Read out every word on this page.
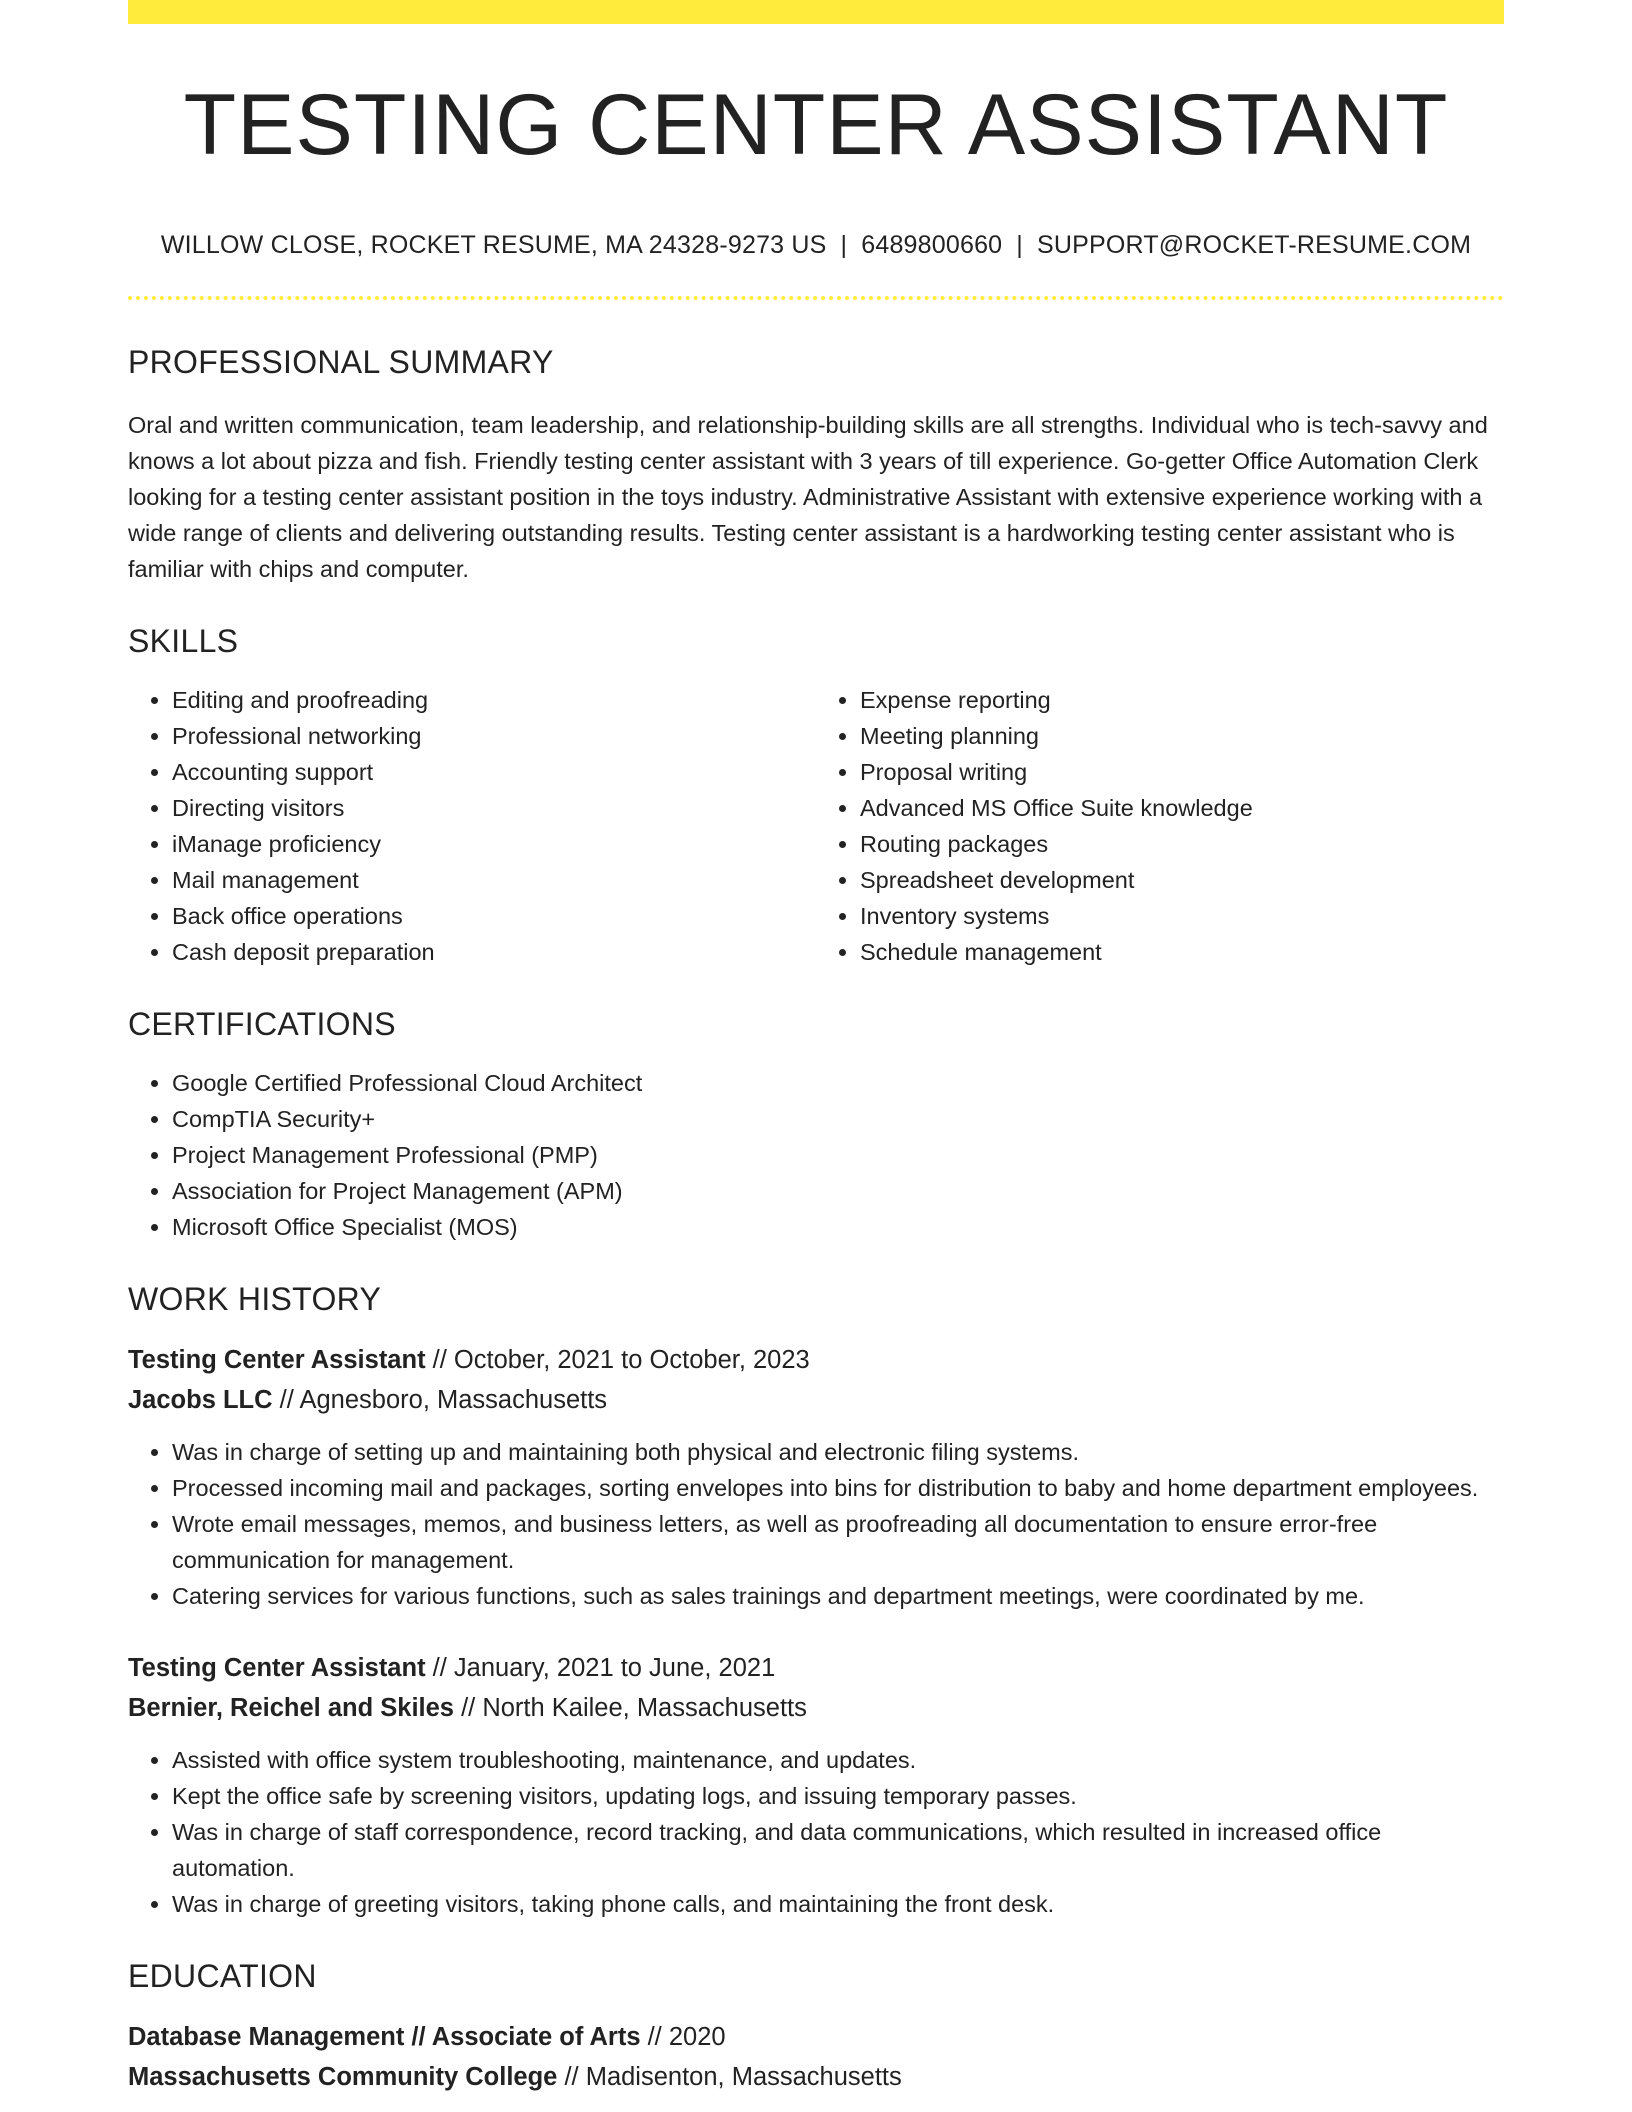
TESTING CENTER ASSISTANT
WILLOW CLOSE, ROCKET RESUME, MA 24328-9273 US | 6489800660 | SUPPORT@ROCKET-RESUME.COM
PROFESSIONAL SUMMARY

Oral and written communication, team leadership, and relationship-building skills are all strengths. Individual who is tech-savvy and knows a lot about pizza and fish. Friendly testing center assistant with 3 years of till experience. Go-getter Office Automation Clerk looking for a testing center assistant position in the toys industry. Administrative Assistant with extensive experience working with a wide range of clients and delivering outstanding results. Testing center assistant is a hardworking testing center assistant who is familiar with chips and computer.

SKILLS
• Editing and proofreading
• Professional networking
• Accounting support
• Directing visitors
• iManage proficiency
• Mail management
• Back office operations
• Cash deposit preparation
• Expense reporting
• Meeting planning
• Proposal writing
• Advanced MS Office Suite knowledge
• Routing packages
• Spreadsheet development
• Inventory systems
• Schedule management
CERTIFICATIONS
• Google Certified Professional Cloud Architect
• CompTIA Security+
• Project Management Professional (PMP)
• Association for Project Management (APM)
• Microsoft Office Specialist (MOS)
WORK HISTORY
Testing Center Assistant // October, 2021 to October, 2023
Jacobs LLC // Agnesboro, Massachusetts
• Was in charge of setting up and maintaining both physical and electronic filing systems.
• Processed incoming mail and packages, sorting envelopes into bins for distribution to baby and home department employees.
• Wrote email messages, memos, and business letters, as well as proofreading all documentation to ensure error-free communication for management.
• Catering services for various functions, such as sales trainings and department meetings, were coordinated by me.
Testing Center Assistant // January, 2021 to June, 2021
Bernier, Reichel and Skiles // North Kailee, Massachusetts
• Assisted with office system troubleshooting, maintenance, and updates.
• Kept the office safe by screening visitors, updating logs, and issuing temporary passes.
• Was in charge of staff correspondence, record tracking, and data communications, which resulted in increased office automation.
• Was in charge of greeting visitors, taking phone calls, and maintaining the front desk.
EDUCATION
Database Management // Associate of Arts // 2020
Massachusetts Community College // Madisenton, Massachusetts
